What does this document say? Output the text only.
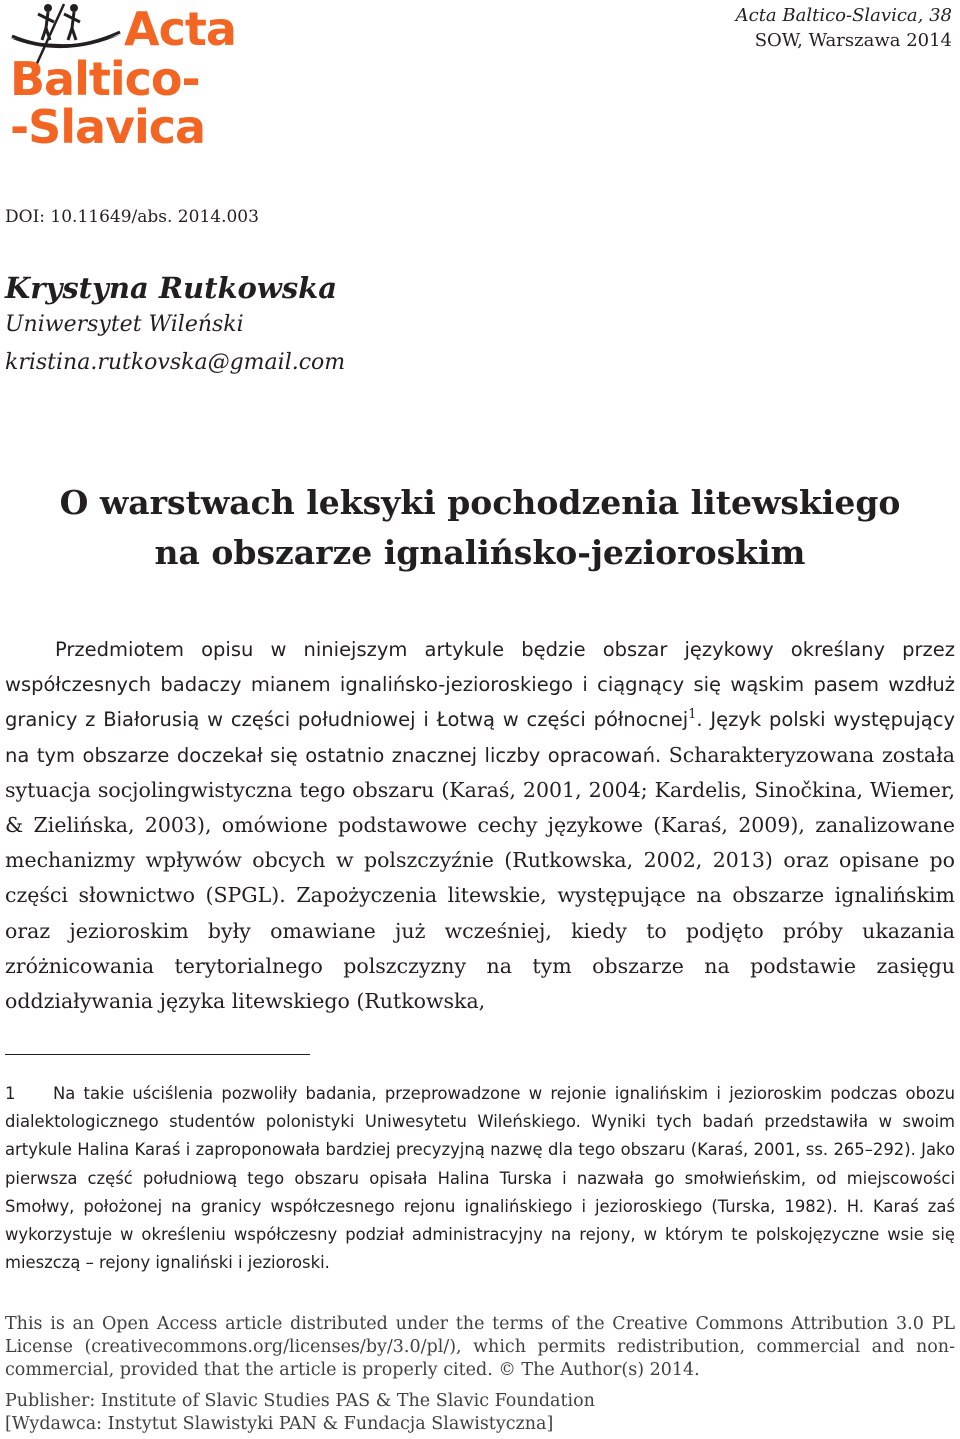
Acta
Baltico-
-Slavica
Acta Baltico-Slavica, 38
SOW, Warszawa 2014
DOI: 10.11649/abs. 2014.003
Krystyna Rutkowska
Uniwersytet Wileński
kristina.rutkovska@gmail.com
O warstwach leksyki pochodzenia litewskiego
na obszarze ignalińsko-jezioroskim

Przedmiotem opisu w niniejszym artykule będzie obszar językowy określany przez współczesnych badaczy mianem ignalińsko-jezioroskiego i ciągnący się wąskim pasem wzdłuż granicy z Białorusią w części południowej i Łotwą w części północnej$^1$. Język polski występujący na tym obszarze doczekał się ostatnio znacznej liczby opracowań. Scharakteryzowana została sytuacja socjolingwistyczna tego obszaru (Karaś, 2001, 2004; Kardelis, Sinočkina, Wiemer, & Zielińska, 2003), omówione podstawowe cechy językowe (Karaś, 2009), zanalizowane mechanizmy wpływów obcych w polszczyźnie (Rutkowska, 2002, 2013) oraz opisane po części słownictwo (SPGL). Zapożyczenia litewskie, występujące na obszarze ignalińskim oraz jezioroskim były omawiane już wcześniej, kiedy to podjęto próby ukazania zróżnicowania terytorialnego polszczyzny na tym obszarze na podstawie zasięgu oddziaływania języka litewskiego (Rutkowska,

1 Na takie uściślenia pozwoliły badania, przeprowadzone w rejonie ignalińskim i jezioroskim podczas obozu dialektologicznego studentów polonistyki Uniwesytetu Wileńskiego. Wyniki tych badań przedstawiła w swoim artykule Halina Karaś i zaproponowała bardziej precyzyjną nazwę dla tego obszaru (Karaś, 2001, ss. 265–292). Jako pierwsza część południową tego obszaru opisała Halina Turska i nazwała go smołwieńskim, od miejscowości Smołwy, położonej na granicy współczesnego rejonu ignalińskiego i jezioroskiego (Turska, 1982). H. Karaś zaś wykorzystuje w określeniu współczesny podział administracyjny na rejony, w którym te polskojęzyczne wsie się mieszczą – rejony ignaliński i jezioroski.
This is an Open Access article distributed under the terms of the Creative Commons Attribution 3.0 PL License (creativecommons.org/licenses/by/3.0/pl/), which permits redistribution, commercial and non-commercial, provided that the article is properly cited. © The Author(s) 2014.
Publisher: Institute of Slavic Studies PAS & The Slavic Foundation
[Wydawca: Instytut Slawistyki PAN & Fundacja Slawistyczna]
